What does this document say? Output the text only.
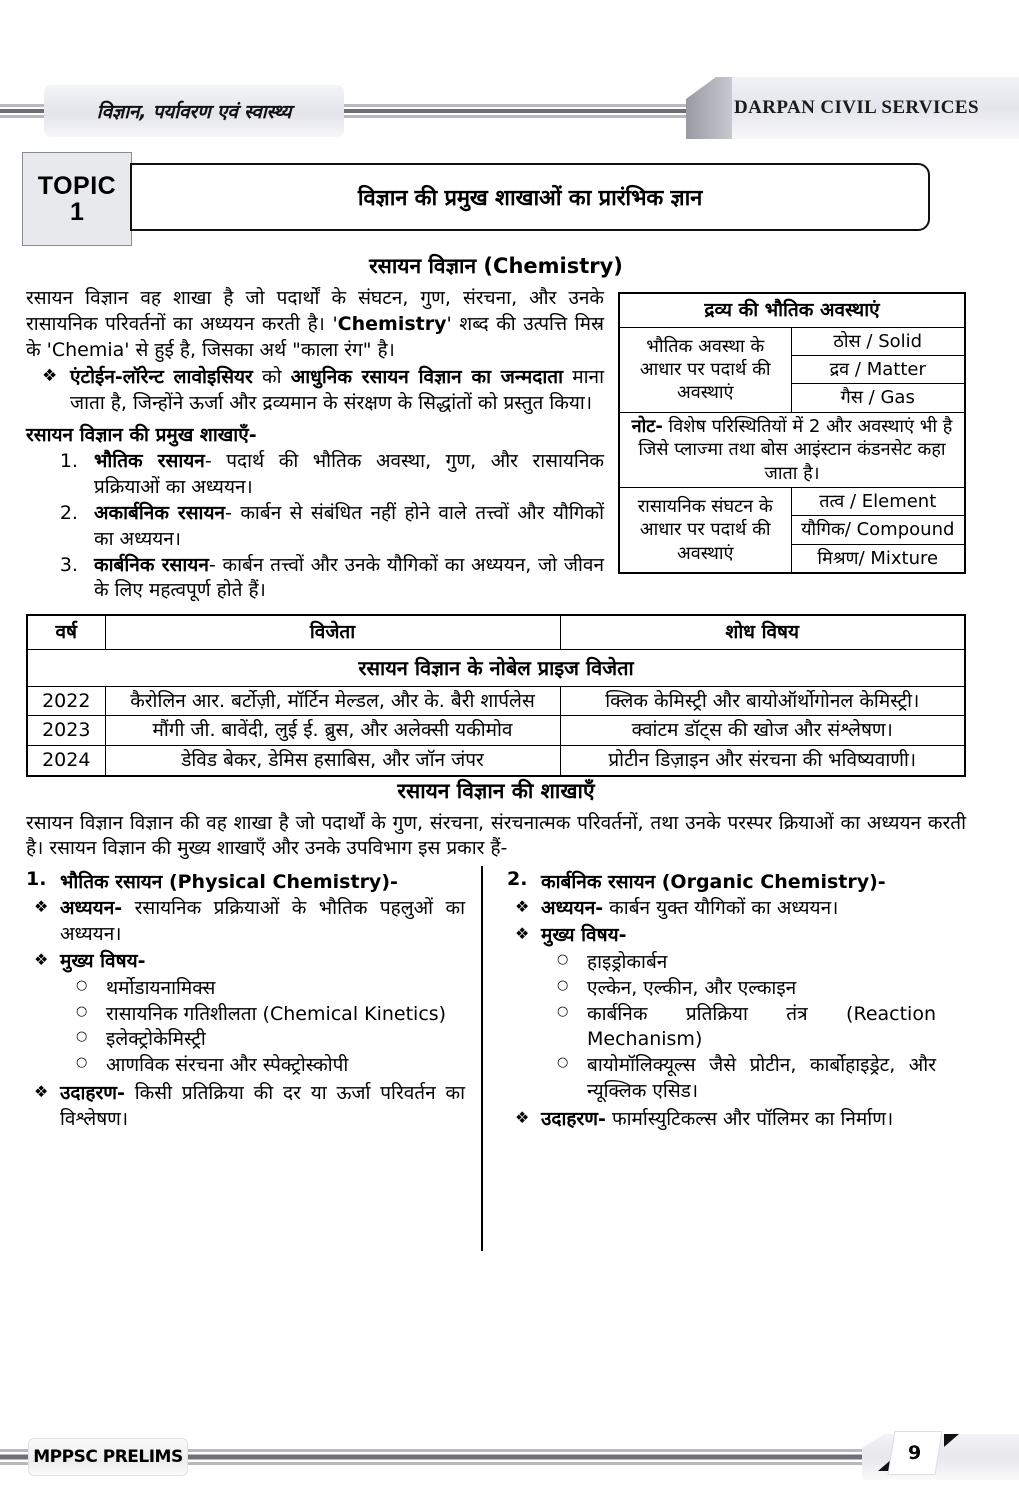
विज्ञान, पर्यावरण एवं स्वास्थ्य	DARPAN CIVIL SERVICES
TOPIC
1	विज्ञान की प्रमुख शाखाओं का प्रारंभिक ज्ञान
रसायन विज्ञान (Chemistry)
द्रव्य की भौतिक अवस्थाएं	
भौतिक अवस्था के आधार पर पदार्थ की अवस्थाएं	ठोस / Solid
	द्रव / Matter
	गैस / Gas
नोट- विशेष परिस्थितियों में 2 और अवस्थाएं भी है जिसे प्लाज्मा तथा बोस आइंस्टान कंडनसेट कहा जाता है।	
रासायनिक संघटन के आधार पर पदार्थ की अवस्थाएं	तत्व / Element
	यौगिक/ Compound
	मिश्रण/ Mixture

रसायन विज्ञान वह शाखा है जो पदार्थों के संघटन, गुण, संरचना, और उनके रासायनिक परिवर्तनों का अध्ययन करती है। 'Chemistry' शब्द की उत्पत्ति मिस्र के 'Chemia' से हुई है, जिसका अर्थ "काला रंग" है।

❖ एंटोईन-लॉरेन्ट लावोइसियर को आधुनिक रसायन विज्ञान का जन्मदाता माना जाता है, जिन्होंने ऊर्जा और द्रव्यमान के संरक्षण के सिद्धांतों को प्रस्तुत किया।
रसायन विज्ञान की प्रमुख शाखाएँ-
1. भौतिक रसायन- पदार्थ की भौतिक अवस्था, गुण, और रासायनिक प्रक्रियाओं का अध्ययन।
2. अकार्बनिक रसायन- कार्बन से संबंधित नहीं होने वाले तत्त्वों और यौगिकों का अध्ययन।
3. कार्बनिक रसायन- कार्बन तत्त्वों और उनके यौगिकों का अध्ययन, जो जीवन के लिए महत्वपूर्ण होते हैं।
रसायन विज्ञान के नोबेल प्राइज विजेता		
वर्ष	विजेता	शोध विषय
2022	कैरोलिन आर. बर्टोज़ी, मॉर्टिन मेल्डल, और के. बैरी शार्पलेस	क्लिक केमिस्ट्री और बायोऑर्थोगोनल केमिस्ट्री।
2023	मौंगी जी. बावेंदी, लुई ई. ब्रुस, और अलेक्सी यकीमोव	क्वांटम डॉट्स की खोज और संश्लेषण।
2024	डेविड बेकर, डेमिस हसाबिस, और जॉन जंपर	प्रोटीन डिज़ाइन और संरचना की भविष्यवाणी।
रसायन विज्ञान की शाखाएँ

रसायन विज्ञान विज्ञान की वह शाखा है जो पदार्थों के गुण, संरचना, संरचनात्मक परिवर्तनों, तथा उनके परस्पर क्रियाओं का अध्ययन करती है। रसायन विज्ञान की मुख्य शाखाएँ और उनके उपविभाग इस प्रकार हैं-

1. भौतिक रसायन (Physical Chemistry)-
❖ अध्ययन- रसायनिक प्रक्रियाओं के भौतिक पहलुओं का अध्ययन।
❖ मुख्य विषय-
○ थर्मोडायनामिक्स
○ रासायनिक गतिशीलता (Chemical Kinetics)
○ इलेक्ट्रोकेमिस्ट्री
○ आणविक संरचना और स्पेक्ट्रोस्कोपी
❖ उदाहरण- किसी प्रतिक्रिया की दर या ऊर्जा परिवर्तन का विश्लेषण।
2. कार्बनिक रसायन (Organic Chemistry)-
❖ अध्ययन- कार्बन युक्त यौगिकों का अध्ययन।
❖ मुख्य विषय-
○ हाइड्रोकार्बन
○ एल्केन, एल्कीन, और एल्काइन
○ कार्बनिक प्रतिक्रिया तंत्र (Reaction Mechanism)
○ बायोमॉलिक्यूल्स जैसे प्रोटीन, कार्बोहाइड्रेट, और न्यूक्लिक एसिड।
❖ उदाहरण- फार्मास्युटिकल्स और पॉलिमर का निर्माण।
MPPSC PRELIMS	9
